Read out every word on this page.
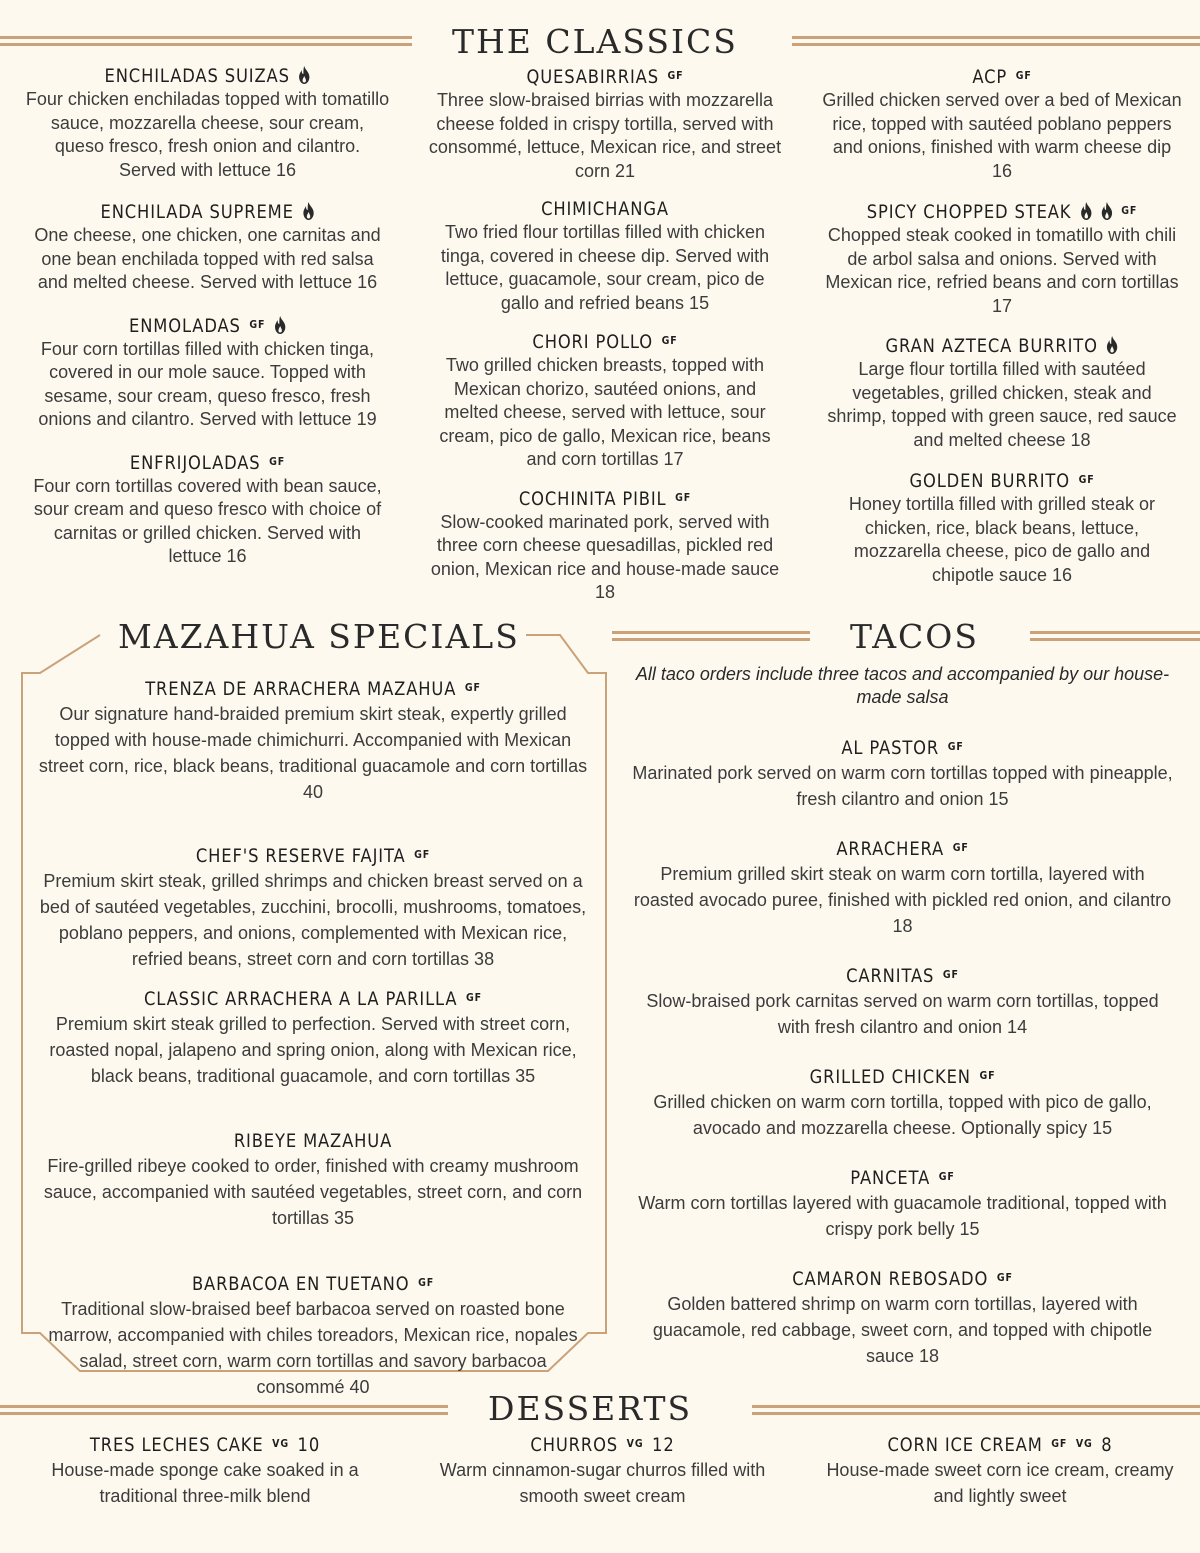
THE CLASSICS
ENCHILADAS SUIZAS

Four chicken enchiladas topped with tomatillo sauce, mozzarella cheese, sour cream, queso fresco, fresh onion and cilantro. Served with lettuce 16

ENCHILADA SUPREME

One cheese, one chicken, one carnitas and one bean enchilada topped with red salsa and melted cheese. Served with lettuce 16

ENMOLADAS $^{GF}$

Four corn tortillas filled with chicken tinga, covered in our mole sauce. Topped with sesame, sour cream, queso fresco, fresh onions and cilantro. Served with lettuce 19

ENFRIJOLADAS $^{GF}$

Four corn tortillas covered with bean sauce, sour cream and queso fresco with choice of carnitas or grilled chicken. Served with lettuce 16

QUESABIRRIAS $^{GF}$

Three slow-braised birrias with mozzarella cheese folded in crispy tortilla, served with consommé, lettuce, Mexican rice, and street corn 21

CHIMICHANGA

Two fried flour tortillas filled with chicken tinga, covered in cheese dip. Served with lettuce, guacamole, sour cream, pico de gallo and refried beans 15

CHORI POLLO $^{GF}$

Two grilled chicken breasts, topped with Mexican chorizo, sautéed onions, and melted cheese, served with lettuce, sour cream, pico de gallo, Mexican rice, beans and corn tortillas 17

COCHINITA PIBIL $^{GF}$

Slow-cooked marinated pork, served with three corn cheese quesadillas, pickled red onion, Mexican rice and house-made sauce 18

ACP $^{GF}$

Grilled chicken served over a bed of Mexican rice, topped with sautéed poblano peppers and onions, finished with warm cheese dip 16

SPICY CHOPPED STEAK	$^{GF}$

Chopped steak cooked in tomatillo with chili de arbol salsa and onions. Served with Mexican rice, refried beans and corn tortillas 17

GRAN AZTECA BURRITO

Large flour tortilla filled with sautéed vegetables, grilled chicken, steak and shrimp, topped with green sauce, red sauce and melted cheese 18

GOLDEN BURRITO $^{GF}$

Honey tortilla filled with grilled steak or chicken, rice, black beans, lettuce, mozzarella cheese, pico de gallo and chipotle sauce 16

MAZAHUA SPECIALS
TRENZA DE ARRACHERA MAZAHUA $^{GF}$

Our signature hand-braided premium skirt steak, expertly grilled topped with house-made chimichurri. Accompanied with Mexican street corn, rice, black beans, traditional guacamole and corn tortillas 40

CHEF'S RESERVE FAJITA $^{GF}$

Premium skirt steak, grilled shrimps and chicken breast served on a bed of sautéed vegetables, zucchini, brocolli, mushrooms, tomatoes, poblano peppers, and onions, complemented with Mexican rice, refried beans, street corn and corn tortillas 38

CLASSIC ARRACHERA A LA PARILLA $^{GF}$

Premium skirt steak grilled to perfection. Served with street corn, roasted nopal, jalapeno and spring onion, along with Mexican rice, black beans, traditional guacamole, and corn tortillas 35

RIBEYE MAZAHUA

Fire-grilled ribeye cooked to order, finished with creamy mushroom sauce, accompanied with sautéed vegetables, street corn, and corn tortillas 35

BARBACOA EN TUETANO $^{GF}$

Traditional slow-braised beef barbacoa served on roasted bone marrow, accompanied with chiles toreadors, Mexican rice, nopales salad, street corn, warm corn tortillas and savory barbacoa consommé 40

TACOS

All taco orders include three tacos and accompanied by our house-made salsa

AL PASTOR $^{GF}$

Marinated pork served on warm corn tortillas topped with pineapple, fresh cilantro and onion 15

ARRACHERA $^{GF}$

Premium grilled skirt steak on warm corn tortilla, layered with roasted avocado puree, finished with pickled red onion, and cilantro 18

CARNITAS $^{GF}$

Slow-braised pork carnitas served on warm corn tortillas, topped with fresh cilantro and onion 14

GRILLED CHICKEN $^{GF}$

Grilled chicken on warm corn tortilla, topped with pico de gallo, avocado and mozzarella cheese. Optionally spicy 15

PANCETA $^{GF}$

Warm corn tortillas layered with guacamole traditional, topped with crispy pork belly 15

CAMARON REBOSADO $^{GF}$

Golden battered shrimp on warm corn tortillas, layered with guacamole, red cabbage, sweet corn, and topped with chipotle sauce 18

DESSERTS
TRES LECHES CAKE $^{VG}$ 10

House-made sponge cake soaked in a traditional three-milk blend

CHURROS $^{VG}$ 12

Warm cinnamon-sugar churros filled with smooth sweet cream

CORN ICE CREAM $^{GF}$ $^{VG}$ 8

House-made sweet corn ice cream, creamy and lightly sweet
